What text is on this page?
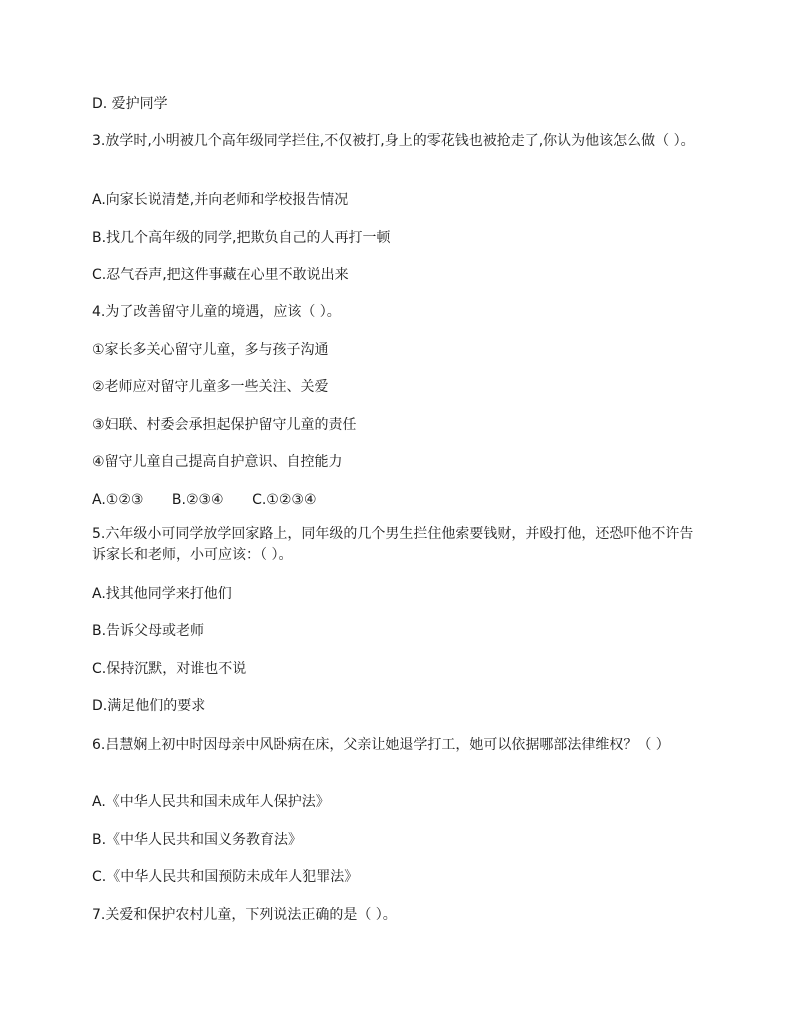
D. 爱护同学
3.放学时,小明被几个高年级同学拦住,不仅被打,身上的零花钱也被抢走了,你认为他该怎么做（ ）。
A.向家长说清楚,并向老师和学校报告情况
B.找几个高年级的同学,把欺负自己的人再打一顿
C.忍气吞声,把这件事藏在心里不敢说出来
4.为了改善留守儿童的境遇，应该（ ）。
①家长多关心留守儿童，多与孩子沟通
②老师应对留守儿童多一些关注、关爱
③妇联、村委会承担起保护留守儿童的责任
④留守儿童自己提高自护意识、自控能力
A.①②③ B.②③④ C.①②③④
5.六年级小可同学放学回家路上，同年级的几个男生拦住他索要钱财，并殴打他，还恐吓他不许告诉家长和老师，小可应该：（ ）。
A.找其他同学来打他们
B.告诉父母或老师
C.保持沉默，对谁也不说
D.满足他们的要求
6.吕慧娴上初中时因母亲中风卧病在床，父亲让她退学打工，她可以依据哪部法律维权？（ ）
A.《中华人民共和国未成年人保护法》
B.《中华人民共和国义务教育法》
C.《中华人民共和国预防未成年人犯罪法》
7.关爱和保护农村儿童，下列说法正确的是（ ）。
